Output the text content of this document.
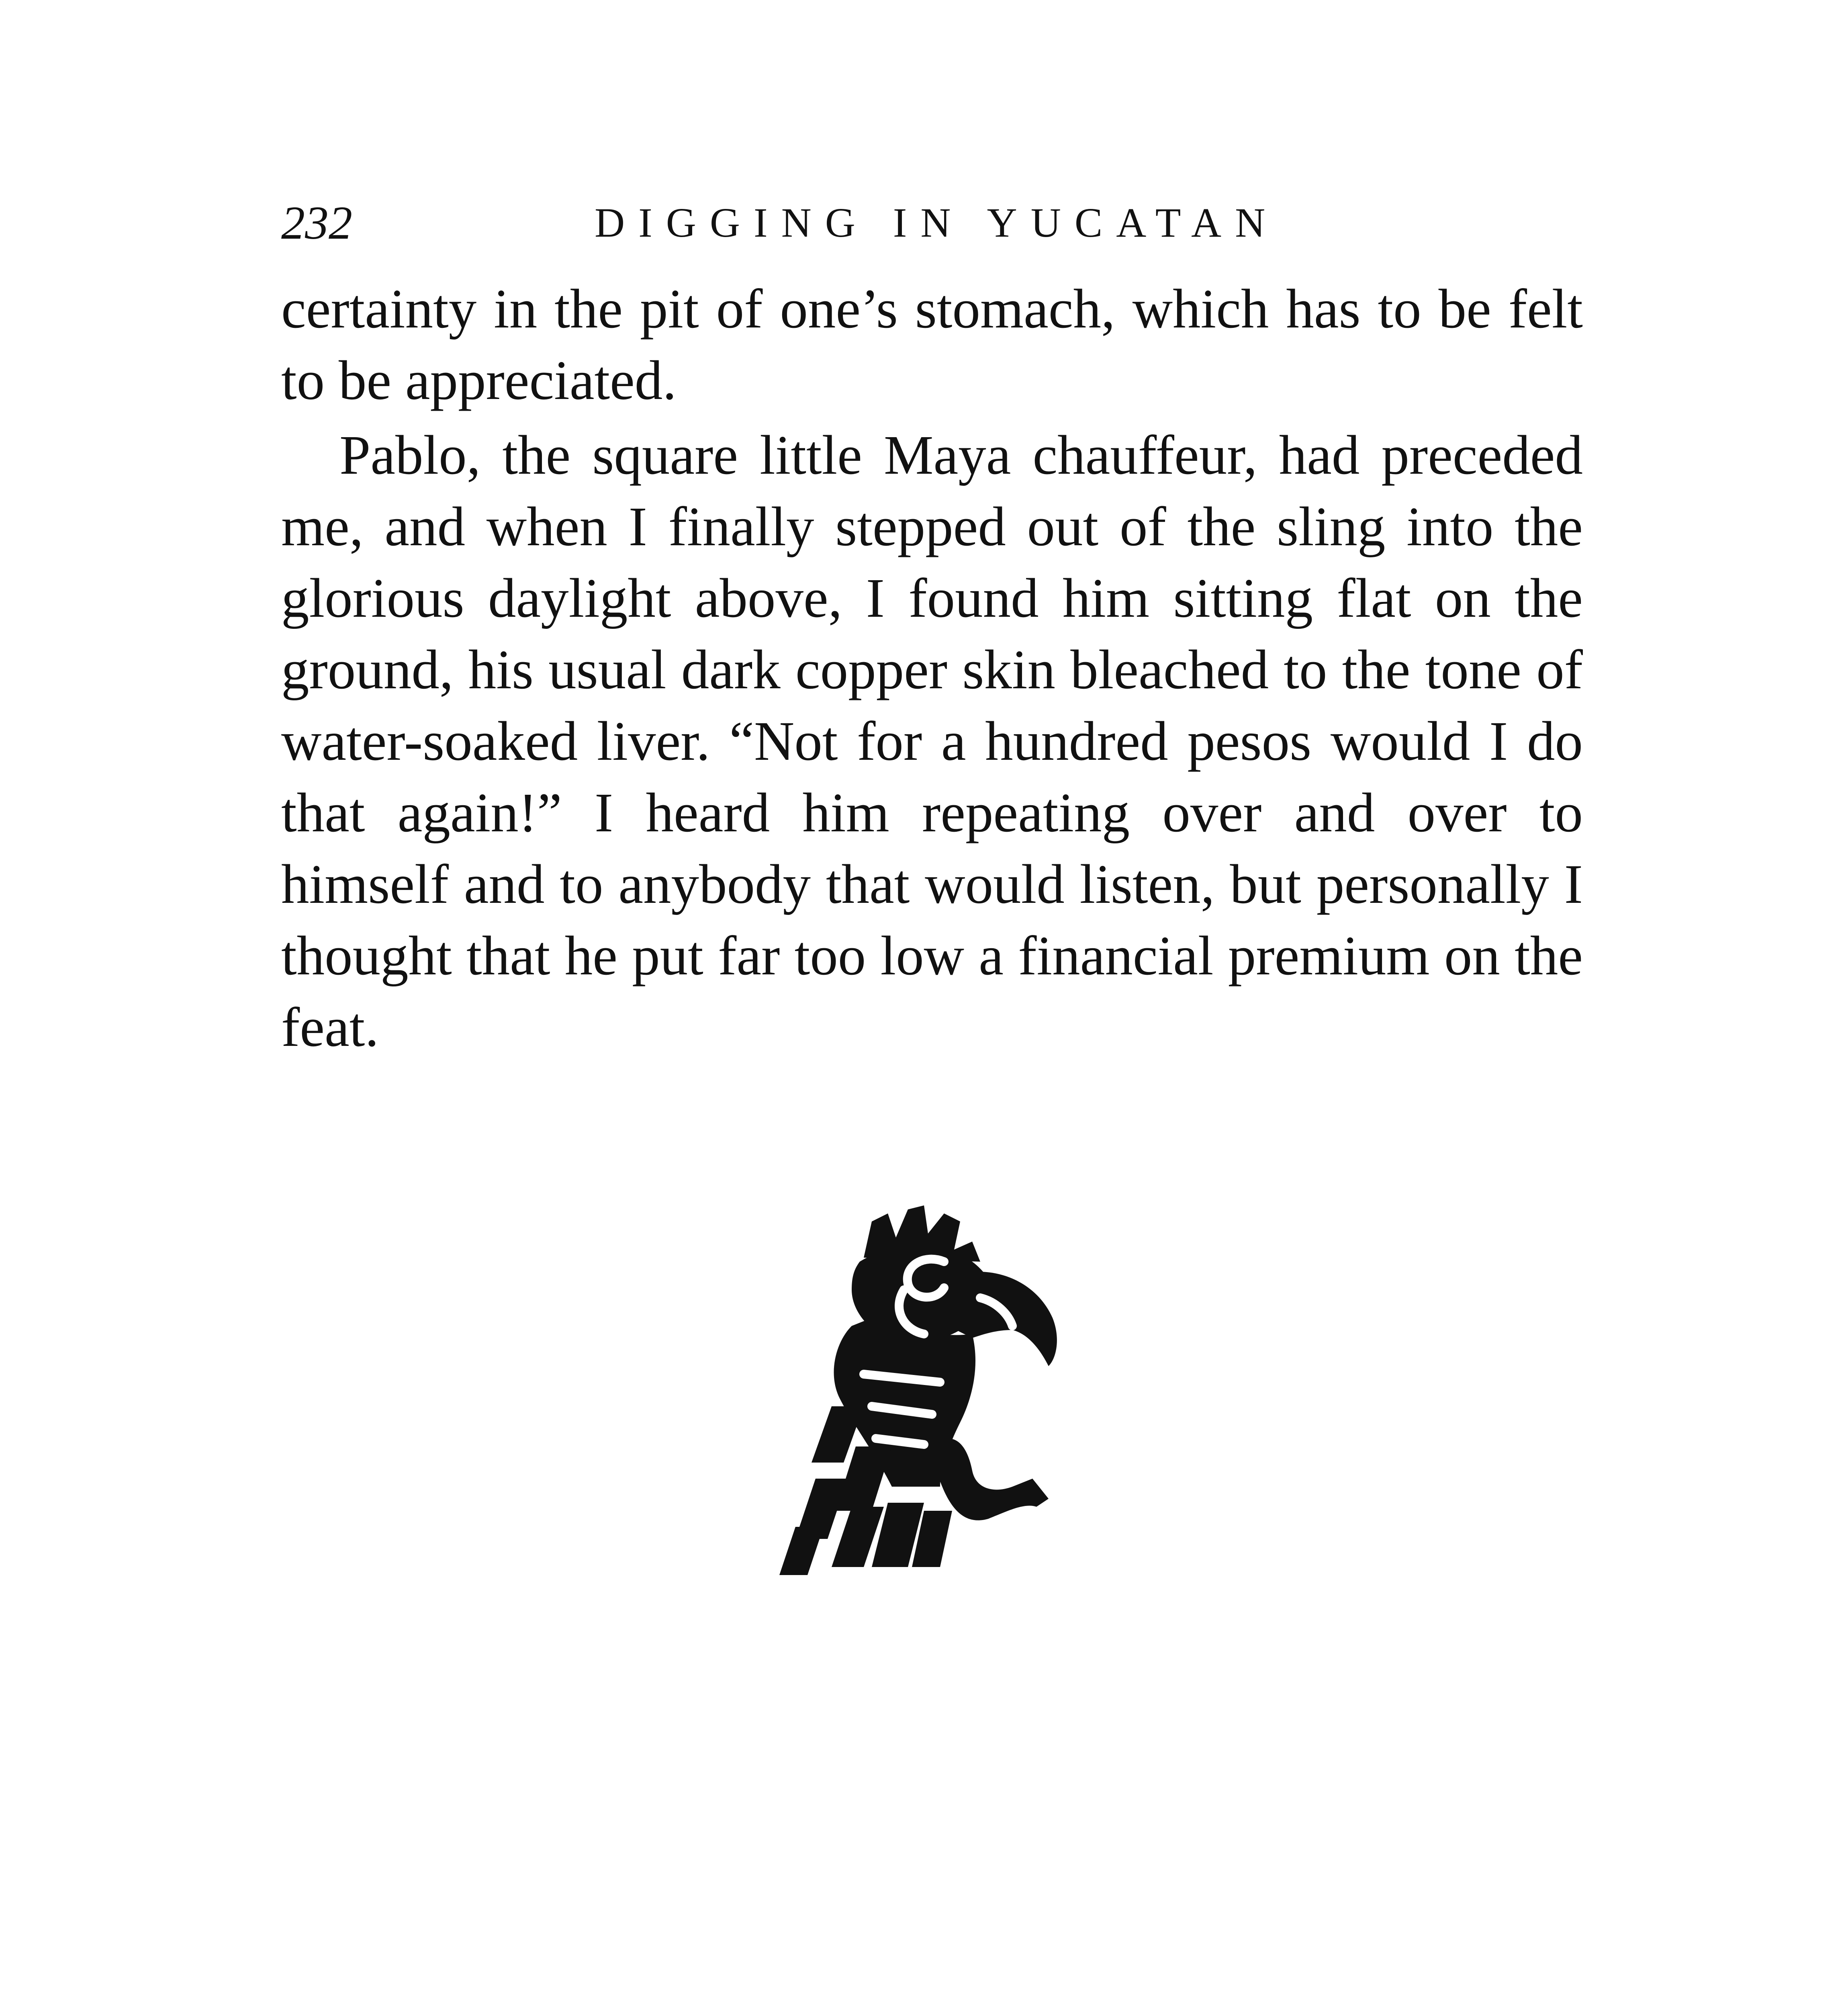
232	DIGGING IN YUCATAN

certainty in the pit of one’s stomach, which has to be felt to be appreciated.

Pablo, the square little Maya chauffeur, had preceded me, and when I finally stepped out of the sling into the glorious daylight above, I found him sitting flat on the ground, his usual dark copper skin bleached to the tone of water-soaked liver. “Not for a hundred pesos would I do that again!” I heard him repeating over and over to himself and to anybody that would listen, but personally I thought that he put far too low a financial premium on the feat.
